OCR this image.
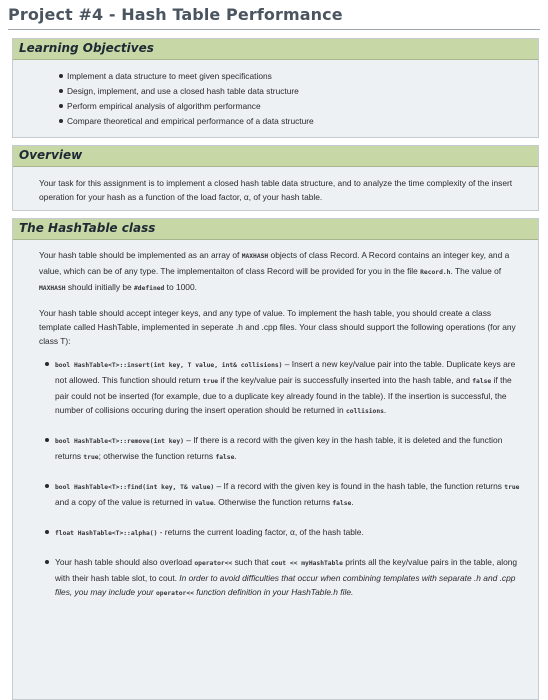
Project #4 - Hash Table Performance
Learning Objectives
Implement a data structure to meet given specifications
Design, implement, and use a closed hash table data structure
Perform empirical analysis of algorithm performance
Compare theoretical and empirical performance of a data structure
Overview

Your task for this assignment is to implement a closed hash table data structure, and to analyze the time complexity of the insert operation for your hash as a function of the load factor, α, of your hash table.

The HashTable class

Your hash table should be implemented as an array of MAXHASH objects of class Record. A Record contains an integer key, and a value, which can be of any type. The implementaiton of class Record will be provided for you in the file Record.h. The value of MAXHASH should initially be #defined to 1000.

Your hash table should accept integer keys, and any type of value. To implement the hash table, you should create a class template called HashTable, implemented in seperate .h and .cpp files. Your class should support the following operations (for any class T):

bool HashTable<T>::insert(int key, T value, int& collisions) – Insert a new key/value pair into the table. Duplicate keys are not allowed. This function should return true if the key/value pair is successfully inserted into the hash table, and false if the pair could not be inserted (for example, due to a duplicate key already found in the table). If the insertion is successful, the number of collisions occuring during the insert operation should be returned in collisions.
bool HashTable<T>::remove(int key) – If there is a record with the given key in the hash table, it is deleted and the function returns true; otherwise the function returns false.
bool HashTable<T>::find(int key, T& value) – If a record with the given key is found in the hash table, the function returns true and a copy of the value is returned in value. Otherwise the function returns false.
float HashTable<T>::alpha() - returns the current loading factor, α, of the hash table.
Your hash table should also overload operator<< such that cout << myHashTable prints all the key/value pairs in the table, along with their hash table slot, to cout. In order to avoid difficulties that occur when combining templates with separate .h and .cpp files, you may include your operator<< function definition in your HashTable.h file.
